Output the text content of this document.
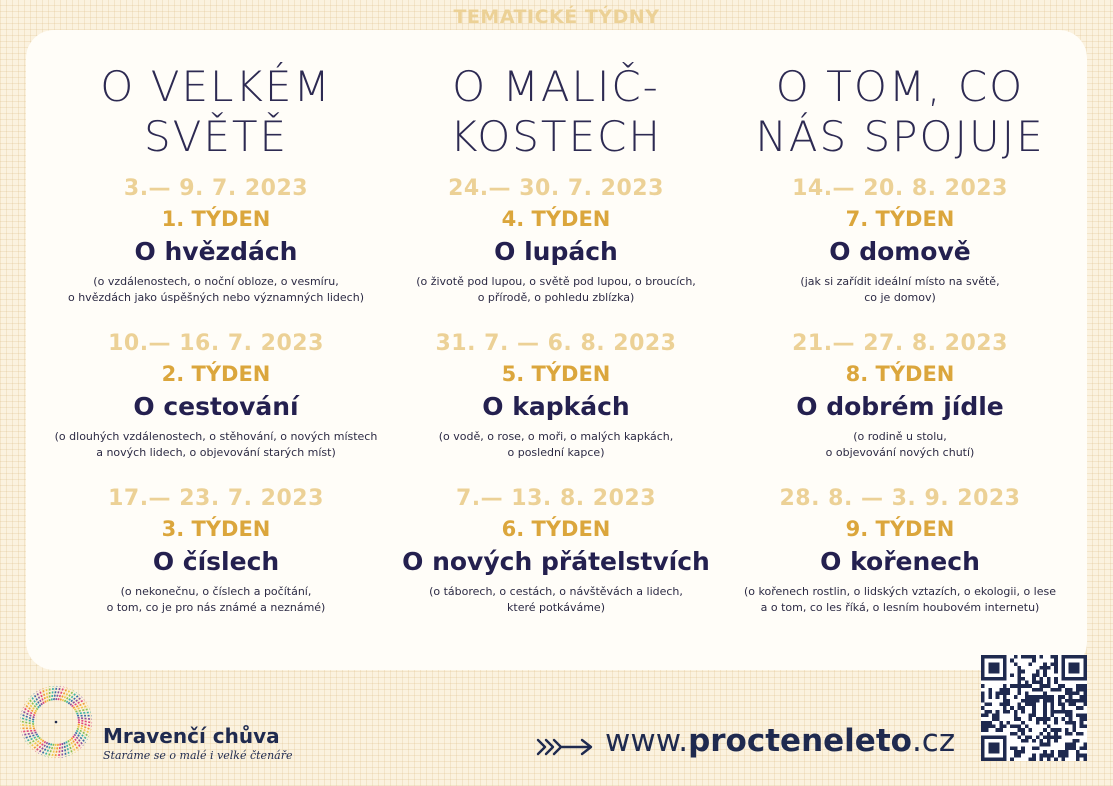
TEMATICKÉ TÝDNY
O VELKÉM
SVĚTĚ
3.— 9. 7. 2023
1. TÝDEN
O hvězdách
(o vzdálenostech, o noční obloze, o vesmíru,
o hvězdách jako úspěšných nebo významných lidech)
10.— 16. 7. 2023
2. TÝDEN
O cestování
(o dlouhých vzdálenostech, o stěhování, o nových místech
a nových lidech, o objevování starých míst)
17.— 23. 7. 2023
3. TÝDEN
O číslech
(o nekonečnu, o číslech a počítání,
o tom, co je pro nás známé a neznámé)
O MALIČ-
KOSTECH
24.— 30. 7. 2023
4. TÝDEN
O lupách
(o životě pod lupou, o světě pod lupou, o broucích,
o přírodě, o pohledu zblízka)
31. 7. — 6. 8. 2023
5. TÝDEN
O kapkách
(o vodě, o rose, o moři, o malých kapkách,
o poslední kapce)
7.— 13. 8. 2023
6. TÝDEN
O nových přátelstvích
(o táborech, o cestách, o návštěvách a lidech,
které potkáváme)
O TOM, CO
NÁS SPOJUJE
14.— 20. 8. 2023
7. TÝDEN
O domově
(jak si zařídit ideální místo na světě,
co je domov)
21.— 27. 8. 2023
8. TÝDEN
O dobrém jídle
(o rodině u stolu,
o objevování nových chutí)
28. 8. — 3. 9. 2023
9. TÝDEN
O kořenech
(o kořenech rostlin, o lidských vztazích, o ekologii, o lese
a o tom, co les říká, o lesním houbovém internetu)
Mravenčí chůva
Staráme se o malé i velké čtenáře	www.procteneleto.cz
